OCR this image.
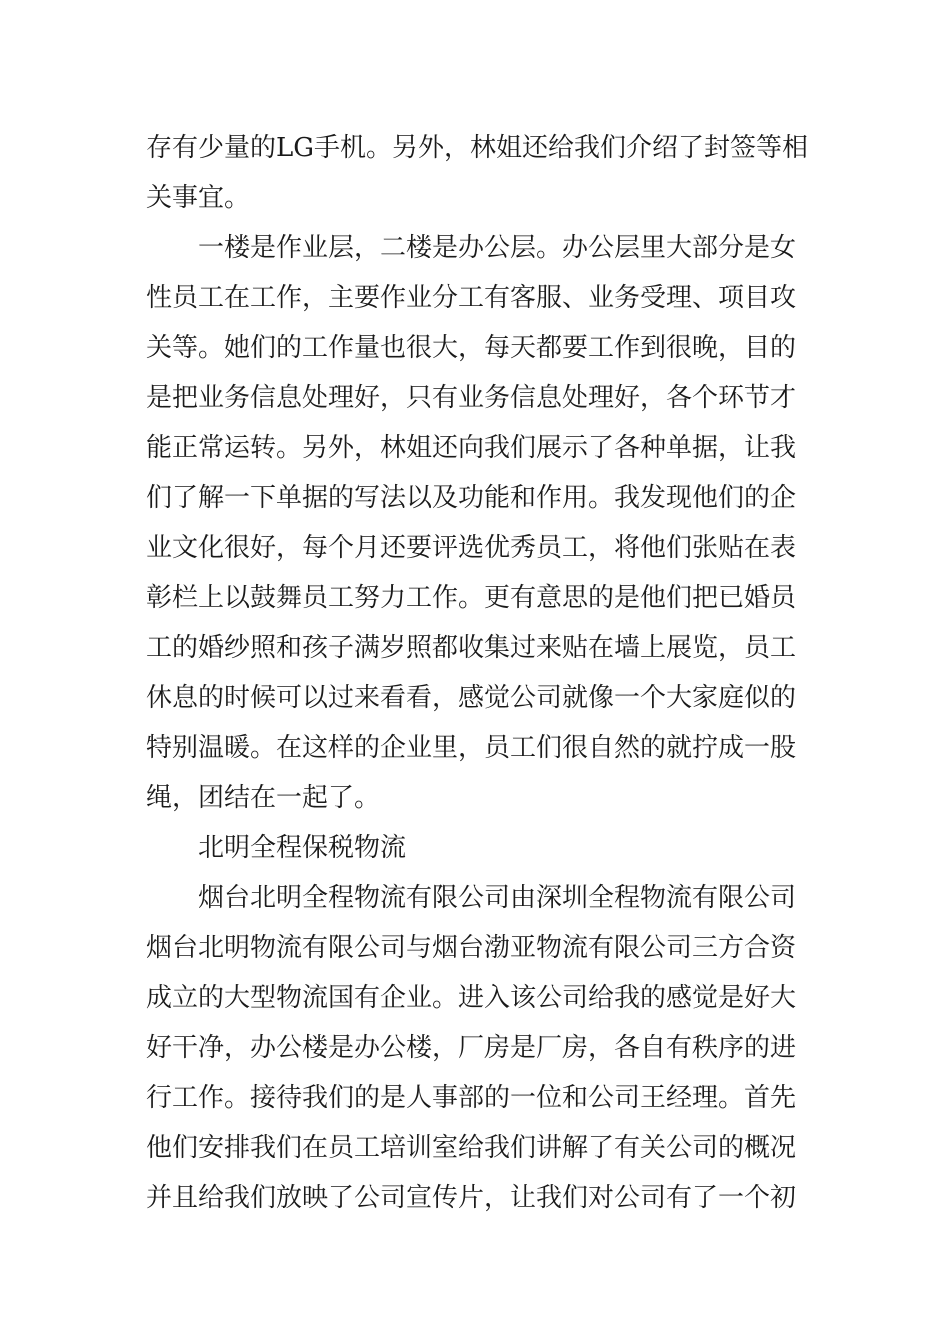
存有少量的LG手机。另外，林姐还给我们介绍了封签等相
关事宜。
一楼是作业层，二楼是办公层。办公层里大部分是女
性员工在工作，主要作业分工有客服、业务受理、项目攻
关等。她们的工作量也很大，每天都要工作到很晚，目的
是把业务信息处理好，只有业务信息处理好，各个环节才
能正常运转。另外，林姐还向我们展示了各种单据，让我
们了解一下单据的写法以及功能和作用。我发现他们的企
业文化很好，每个月还要评选优秀员工，将他们张贴在表
彰栏上以鼓舞员工努力工作。更有意思的是他们把已婚员
工的婚纱照和孩子满岁照都收集过来贴在墙上展览，员工
休息的时候可以过来看看，感觉公司就像一个大家庭似的
特别温暖。在这样的企业里，员工们很自然的就拧成一股
绳，团结在一起了。
北明全程保税物流
烟台北明全程物流有限公司由深圳全程物流有限公司
烟台北明物流有限公司与烟台渤亚物流有限公司三方合资
成立的大型物流国有企业。进入该公司给我的感觉是好大
好干净，办公楼是办公楼，厂房是厂房，各自有秩序的进
行工作。接待我们的是人事部的一位和公司王经理。首先
他们安排我们在员工培训室给我们讲解了有关公司的概况
并且给我们放映了公司宣传片，让我们对公司有了一个初
